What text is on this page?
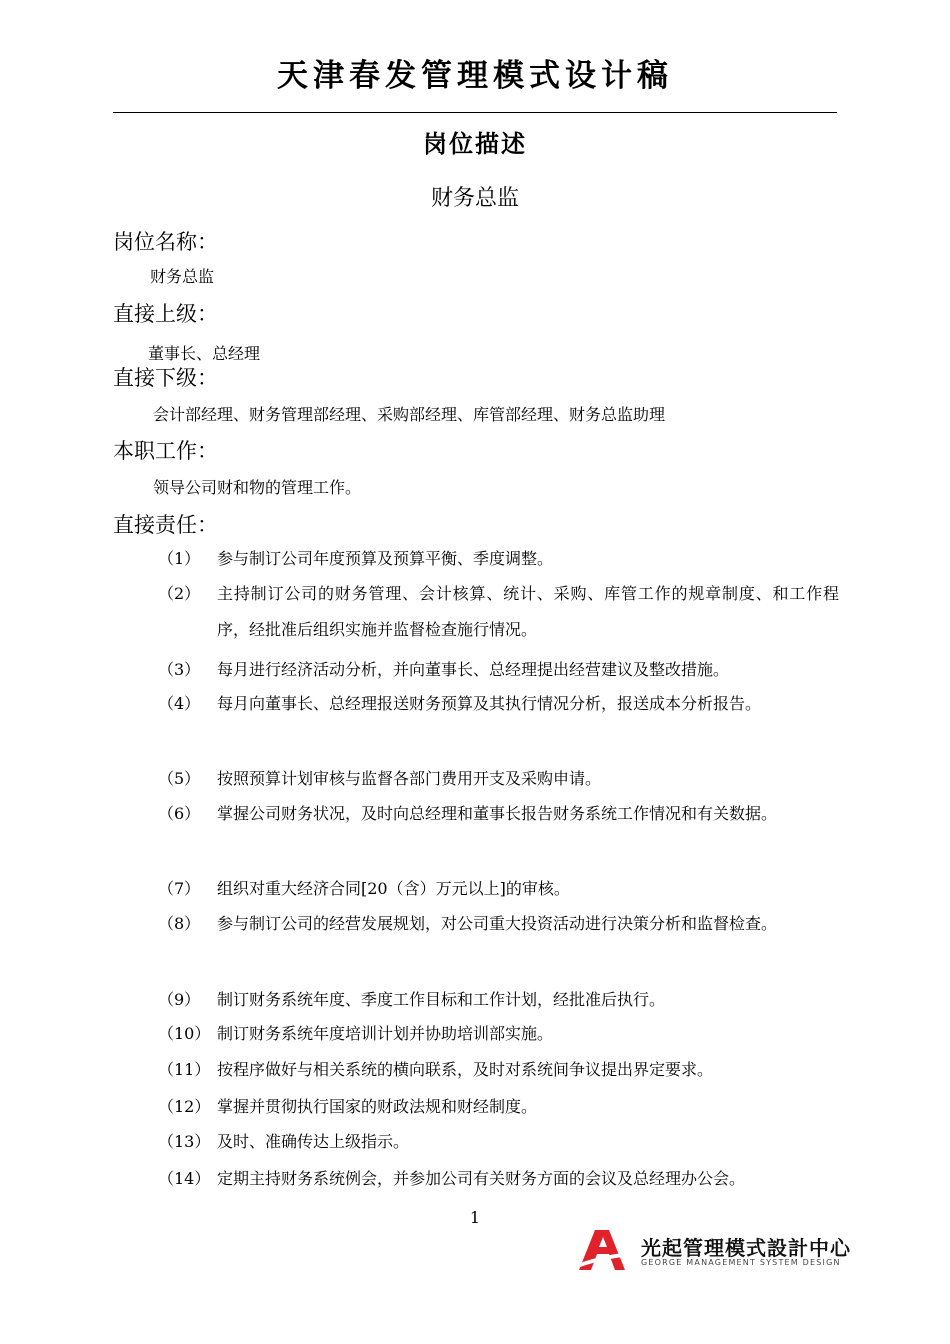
天津春发管理模式设计稿
岗位描述
财务总监
岗位名称：
财务总监
直接上级：
董事长、总经理
直接下级：
会计部经理、财务管理部经理、采购部经理、库管部经理、财务总监助理
本职工作：
领导公司财和物的管理工作。
直接责任：
（1） 参与制订公司年度预算及预算平衡、季度调整。
（2） 主持制订公司的财务管理、会计核算、统计、采购、库管工作的规章制度、和工作程序，经批准后组织实施并监督检查施行情况。
（3） 每月进行经济活动分析，并向董事长、总经理提出经营建议及整改措施。
（4） 每月向董事长、总经理报送财务预算及其执行情况分析，报送成本分析报告。
（5） 按照预算计划审核与监督各部门费用开支及采购申请。
（6） 掌握公司财务状况，及时向总经理和董事长报告财务系统工作情况和有关数据。
（7） 组织对重大经济合同[20（含）万元以上]的审核。
（8） 参与制订公司的经营发展规划，对公司重大投资活动进行决策分析和监督检查。
（9） 制订财务系统年度、季度工作目标和工作计划，经批准后执行。
（10） 制订财务系统年度培训计划并协助培训部实施。
（11） 按程序做好与相关系统的横向联系，及时对系统间争议提出界定要求。
（12） 掌握并贯彻执行国家的财政法规和财经制度。
（13） 及时、准确传达上级指示。
（14） 定期主持财务系统例会，并参加公司有关财务方面的会议及总经理办公会。
1
光起管理模式設計中心
GEORGE MANAGEMENT SYSTEM DESIGN
